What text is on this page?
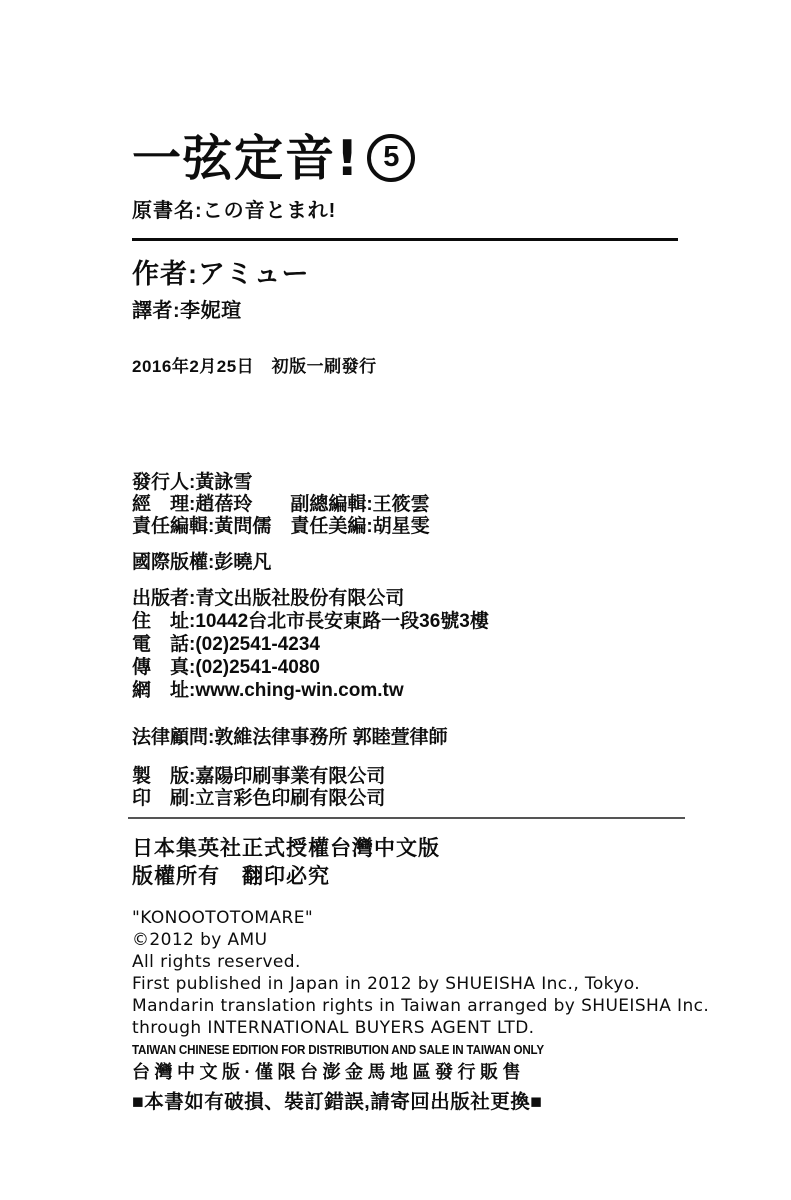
一弦定音! 5
原書名:この音とまれ!
作者:アミュー
譯者:李妮瑄
2016年2月25日　初版一刷發行
發行人:黃詠雪
經　理:趙蓓玲　　副總編輯:王筱雲
責任編輯:黃問儒　責任美編:胡星雯
國際版權:彭曉凡
出版者:青文出版社股份有限公司
住　址:10442台北市長安東路一段36號3樓
電　話:(02)2541-4234
傳　真:(02)2541-4080
網　址:www.ching-win.com.tw
法律顧問:敦維法律事務所 郭睦萱律師
製　版:嘉陽印刷事業有限公司
印　刷:立言彩色印刷有限公司
日本集英社正式授權台灣中文版
版權所有　翻印必究
"KONOOTOTOMARE"
©2012 by AMU
All rights reserved.
First published in Japan in 2012 by SHUEISHA Inc., Tokyo.
Mandarin translation rights in Taiwan arranged by SHUEISHA Inc.
through INTERNATIONAL BUYERS AGENT LTD.
TAIWAN CHINESE EDITION FOR DISTRIBUTION AND SALE IN TAIWAN ONLY
台灣中文版·僅限台澎金馬地區發行販售
■本書如有破損、裝訂錯誤,請寄回出版社更換■
